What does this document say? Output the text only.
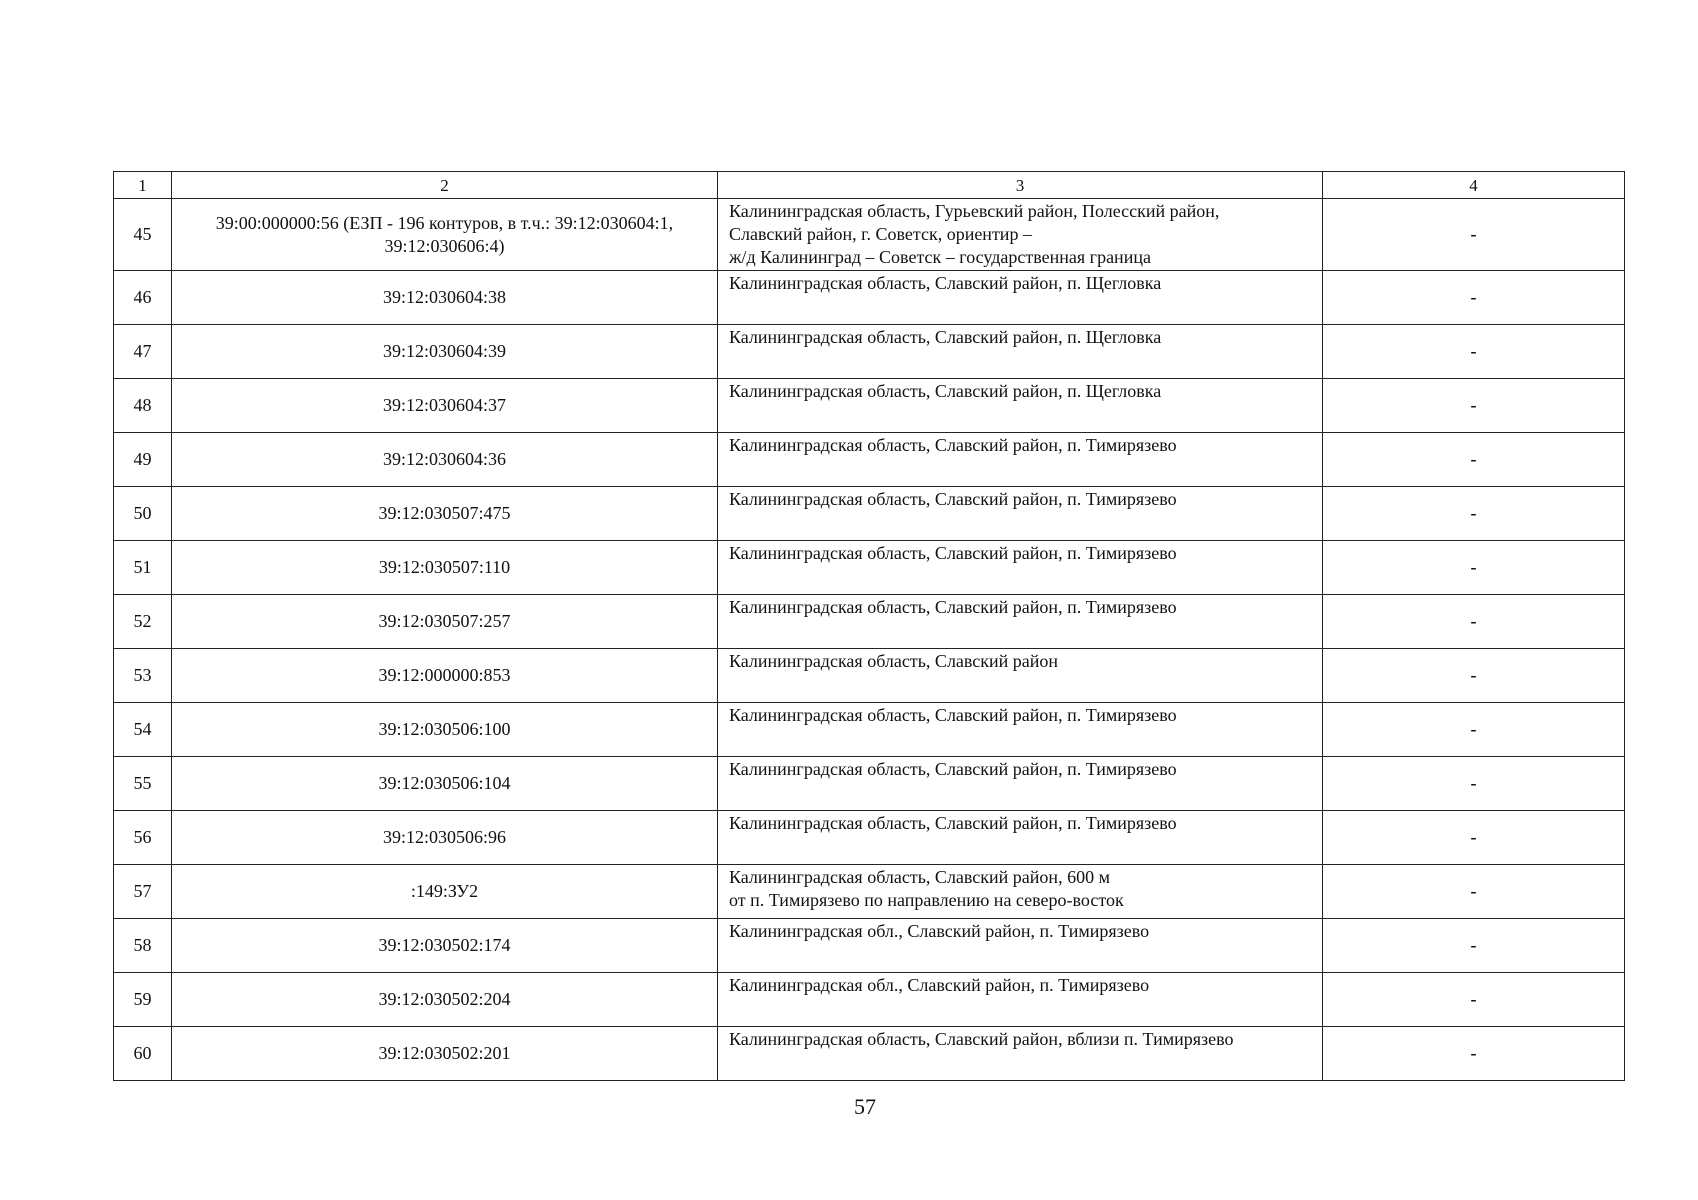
1	2	3	4
45	39:00:000000:56 (ЕЗП - 196 контуров, в т.ч.: 39:12:030604:1, 39:12:030606:4)	Калининградская область, Гурьевский район, Полесский район,
Славский район, г. Советск, ориентир –
ж/д Калининград – Советск – государственная граница	-
46	39:12:030604:38	Калининградская область, Славский район, п. Щегловка	-
47	39:12:030604:39	Калининградская область, Славский район, п. Щегловка	-
48	39:12:030604:37	Калининградская область, Славский район, п. Щегловка	-
49	39:12:030604:36	Калининградская область, Славский район, п. Тимирязево	-
50	39:12:030507:475	Калининградская область, Славский район, п. Тимирязево	-
51	39:12:030507:110	Калининградская область, Славский район, п. Тимирязево	-
52	39:12:030507:257	Калининградская область, Славский район, п. Тимирязево	-
53	39:12:000000:853	Калининградская область, Славский район	-
54	39:12:030506:100	Калининградская область, Славский район, п. Тимирязево	-
55	39:12:030506:104	Калининградская область, Славский район, п. Тимирязево	-
56	39:12:030506:96	Калининградская область, Славский район, п. Тимирязево	-
57	:149:ЗУ2	Калининградская область, Славский район, 600 м
от п. Тимирязево по направлению на северо-восток	-
58	39:12:030502:174	Калининградская обл., Славский район, п. Тимирязево	-
59	39:12:030502:204	Калининградская обл., Славский район, п. Тимирязево	-
60	39:12:030502:201	Калининградская область, Славский район, вблизи п. Тимирязево	-
57
